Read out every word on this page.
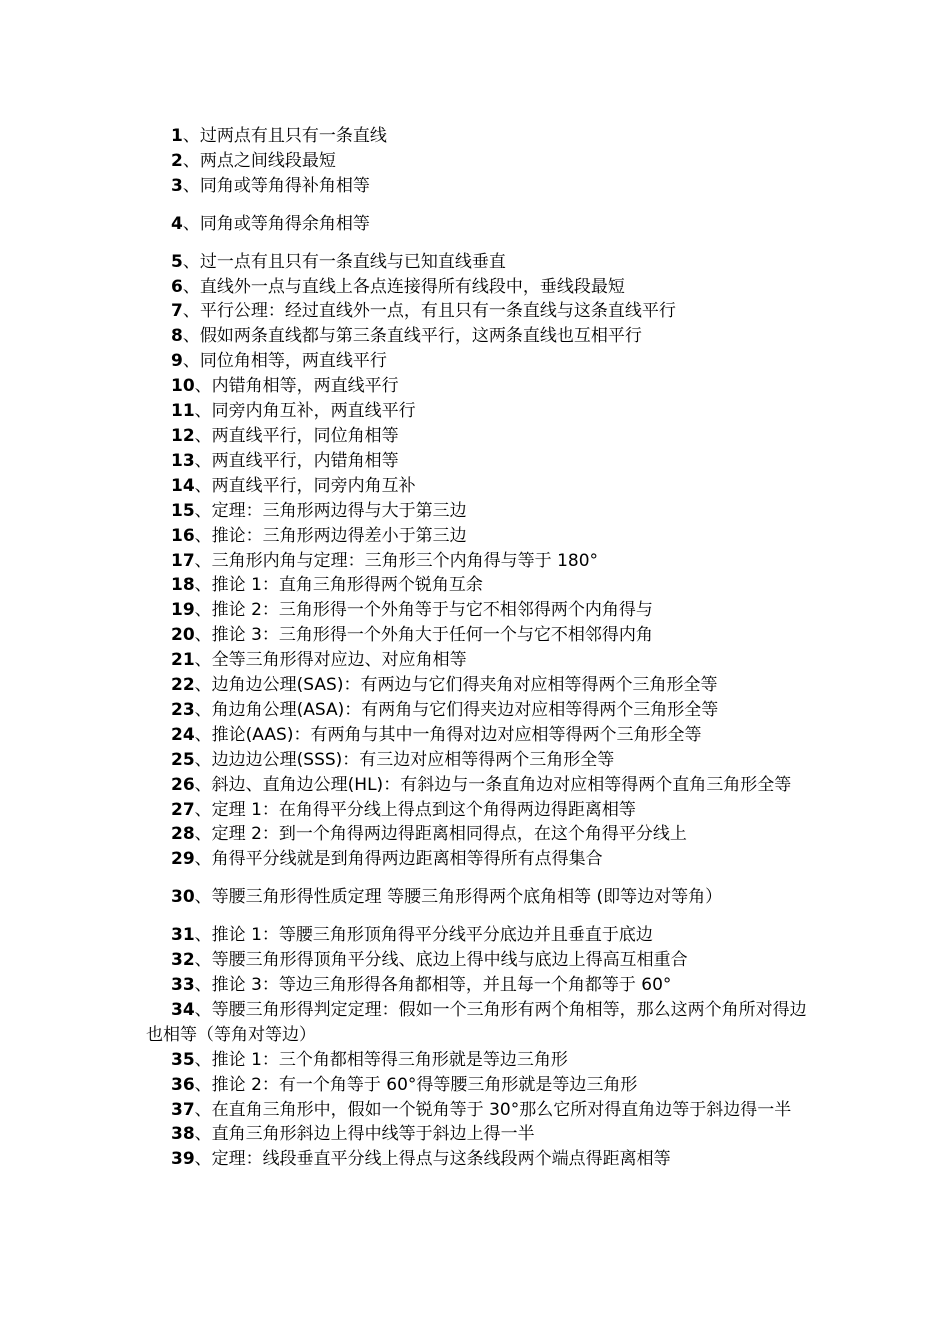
1、过两点有且只有一条直线

2、两点之间线段最短

3、同角或等角得补角相等

4、同角或等角得余角相等

5、过一点有且只有一条直线与已知直线垂直

6、直线外一点与直线上各点连接得所有线段中，垂线段最短

7、平行公理：经过直线外一点，有且只有一条直线与这条直线平行

8、假如两条直线都与第三条直线平行，这两条直线也互相平行

9、同位角相等，两直线平行

10、内错角相等，两直线平行

11、同旁内角互补，两直线平行

12、两直线平行，同位角相等

13、两直线平行，内错角相等

14、两直线平行，同旁内角互补

15、定理：三角形两边得与大于第三边

16、推论：三角形两边得差小于第三边

17、三角形内角与定理：三角形三个内角得与等于 180°

18、推论 1：直角三角形得两个锐角互余

19、推论 2：三角形得一个外角等于与它不相邻得两个内角得与

20、推论 3：三角形得一个外角大于任何一个与它不相邻得内角

21、全等三角形得对应边、对应角相等

22、边角边公理(SAS)：有两边与它们得夹角对应相等得两个三角形全等

23、角边角公理(ASA)：有两角与它们得夹边对应相等得两个三角形全等

24、推论(AAS)：有两角与其中一角得对边对应相等得两个三角形全等

25、边边边公理(SSS)：有三边对应相等得两个三角形全等

26、斜边、直角边公理(HL)：有斜边与一条直角边对应相等得两个直角三角形全等

27、定理 1：在角得平分线上得点到这个角得两边得距离相等

28、定理 2：到一个角得两边得距离相同得点，在这个角得平分线上

29、角得平分线就是到角得两边距离相等得所有点得集合

30、等腰三角形得性质定理 等腰三角形得两个底角相等 (即等边对等角）

31、推论 1：等腰三角形顶角得平分线平分底边并且垂直于底边

32、等腰三角形得顶角平分线、底边上得中线与底边上得高互相重合

33、推论 3：等边三角形得各角都相等，并且每一个角都等于 60°

34、等腰三角形得判定定理：假如一个三角形有两个角相等，那么这两个角所对得边也相等（等角对等边）

35、推论 1：三个角都相等得三角形就是等边三角形

36、推论 2：有一个角等于 60°得等腰三角形就是等边三角形

37、在直角三角形中，假如一个锐角等于 30°那么它所对得直角边等于斜边得一半

38、直角三角形斜边上得中线等于斜边上得一半

39、定理：线段垂直平分线上得点与这条线段两个端点得距离相等
